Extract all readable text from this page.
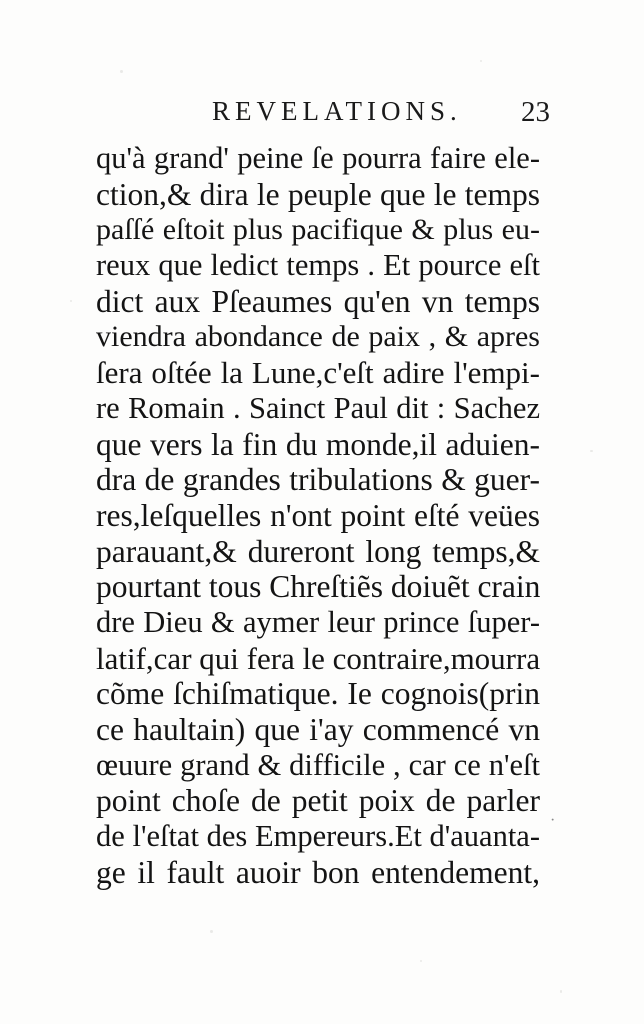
REVELATIONS. 23
qu'à grand' peine ſe pourra faire ele-
ction,& dira le peuple que le temps
paſſé eſtoit plus pacifique & plus eu-
reux que ledict temps . Et pource eſt
dict aux Pſeaumes qu'en vn temps
viendra abondance de paix , & apres
ſera oſtée la Lune,c'eſt adire l'empi-
re Romain . Sainct Paul dit : Sachez
que vers la fin du monde,il aduien-
dra de grandes tribulations & guer-
res,leſquelles n'ont point eſté veües
parauant,& dureront long temps,&
pourtant tous Chreſtiẽs doiuẽt crain
dre Dieu & aymer leur prince ſuper-
latif,car qui fera le contraire,mourra
cõme ſchiſmatique. Ie cognois(prin
ce haultain) que i'ay commencé vn
œuure grand & difficile , car ce n'eſt
point choſe de petit poix de parler
de l'eſtat des Empereurs.Et d'auanta-
ge il fault auoir bon entendement,
·
